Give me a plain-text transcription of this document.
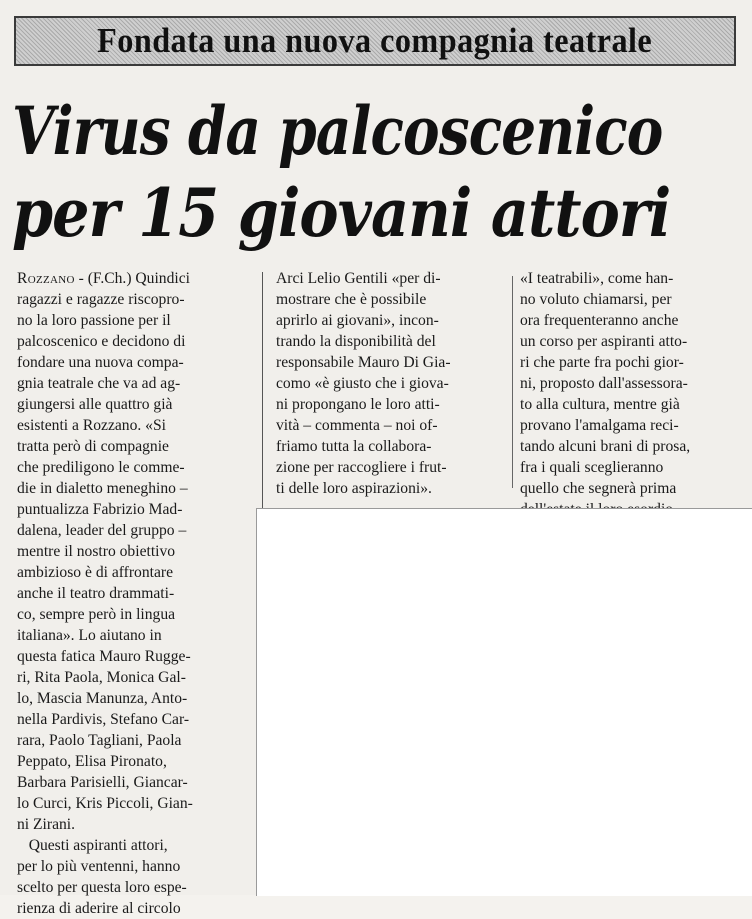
Fondata una nuova compagnia teatrale
Virus da palcoscenico
per 15 giovani attori
Rozzano - (F.Ch.) Quindici
ragazzi e ragazze riscopro-
no la loro passione per il
palcoscenico e decidono di
fondare una nuova compa-
gnia teatrale che va ad ag-
giungersi alle quattro già
esistenti a Rozzano. «Si
tratta però di compagnie
che prediligono le comme-
die in dialetto meneghino –
puntualizza Fabrizio Mad-
dalena, leader del gruppo –
mentre il nostro obiettivo
ambizioso è di affrontare
anche il teatro drammati-
co, sempre però in lingua
italiana». Lo aiutano in
questa fatica Mauro Rugge-
ri, Rita Paola, Monica Gal-
lo, Mascia Manunza, Anto-
nella Pardivis, Stefano Car-
rara, Paolo Tagliani, Paola
Peppato, Elisa Pironato,
Barbara Parisielli, Giancar-
lo Curci, Kris Piccoli, Gian-
ni Zirani.
Questi aspiranti attori,
per lo più ventenni, hanno
scelto per questa loro espe-
rienza di aderire al circolo
Arci Lelio Gentili «per di-
mostrare che è possibile
aprirlo ai giovani», incon-
trando la disponibilità del
responsabile Mauro Di Gia-
como «è giusto che i giova-
ni propongano le loro atti-
vità – commenta – noi of-
friamo tutta la collabora-
zione per raccogliere i frut-
ti delle loro aspirazioni».
«I teatrabili», come han-
no voluto chiamarsi, per
ora frequenteranno anche
un corso per aspiranti atto-
ri che parte fra pochi gior-
ni, proposto dall'assessora-
to alla cultura, mentre già
provano l'amalgama reci-
tando alcuni brani di prosa,
fra i quali sceglieranno
quello che segnerà prima
